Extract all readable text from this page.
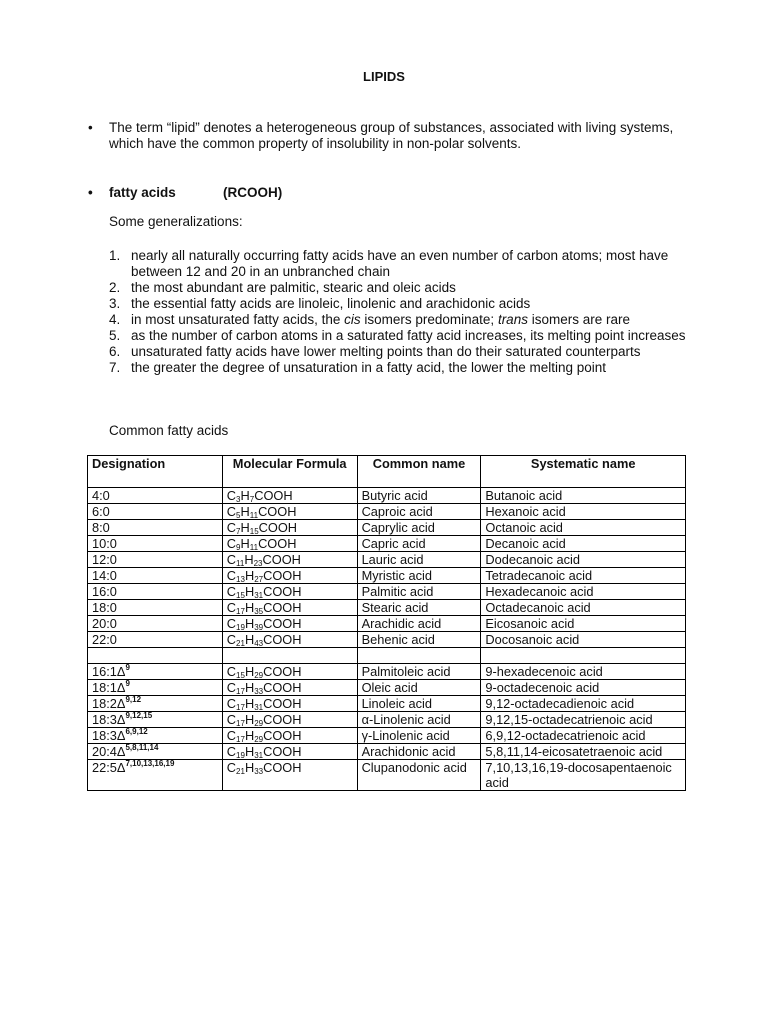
LIPIDS
• The term “lipid” denotes a heterogeneous group of substances, associated with living systems, which have the common property of insolubility in non-polar solvents.
• fatty acids	(RCOOH)
Some generalizations:
1. nearly all naturally occurring fatty acids have an even number of carbon atoms; most have between 12 and 20 in an unbranched chain
2. the most abundant are palmitic, stearic and oleic acids
3. the essential fatty acids are linoleic, linolenic and arachidonic acids
4. in most unsaturated fatty acids, the cis isomers predominate; trans isomers are rare
5. as the number of carbon atoms in a saturated fatty acid increases, its melting point increases
6. unsaturated fatty acids have lower melting points than do their saturated counterparts
7. the greater the degree of unsaturation in a fatty acid, the lower the melting point
Common fatty acids
Designation	Molecular Formula	Common name	Systematic name
4:0	$C_3H_7COOH$	Butyric acid	Butanoic acid
6:0	$C_5H_{11}COOH$	Caproic acid	Hexanoic acid
8:0	$C_7H_{15}COOH$	Caprylic acid	Octanoic acid
10:0	$C_9H_{11}COOH$	Capric acid	Decanoic acid
12:0	$C_{11}H_{23}COOH$	Lauric acid	Dodecanoic acid
14:0	$C_{13}H_{27}COOH$	Myristic acid	Tetradecanoic acid
16:0	$C_{15}H_{31}COOH$	Palmitic acid	Hexadecanoic acid
18:0	$C_{17}H_{35}COOH$	Stearic acid	Octadecanoic acid
20:0	$C_{19}H_{39}COOH$	Arachidic acid	Eicosanoic acid
22:0	$C_{21}H_{43}COOH$	Behenic acid	Docosanoic acid

$16:1\Delta^9$	$C_{15}H_{29}COOH$	Palmitoleic acid	9-hexadecenoic acid
$18:1\Delta^9$	$C_{17}H_{33}COOH$	Oleic acid	9-octadecenoic acid
$18:2\Delta^{9,12}$	$C_{17}H_{31}COOH$	Linoleic acid	9,12-octadecadienoic acid
$18:3\Delta^{9,12,15}$	$C_{17}H_{29}COOH$	α-Linolenic acid	9,12,15-octadecatrienoic acid
$18:3\Delta^{6,9,12}$	$C_{17}H_{29}COOH$	γ-Linolenic acid	6,9,12-octadecatrienoic acid
$20:4\Delta^{5,8,11,14}$	$C_{19}H_{31}COOH$	Arachidonic acid	5,8,11,14-eicosatetraenoic acid
$22:5\Delta^{7,10,13,16,19}$	$C_{21}H_{33}COOH$	Clupanodonic acid	7,10,13,16,19-docosapentaenoic acid
